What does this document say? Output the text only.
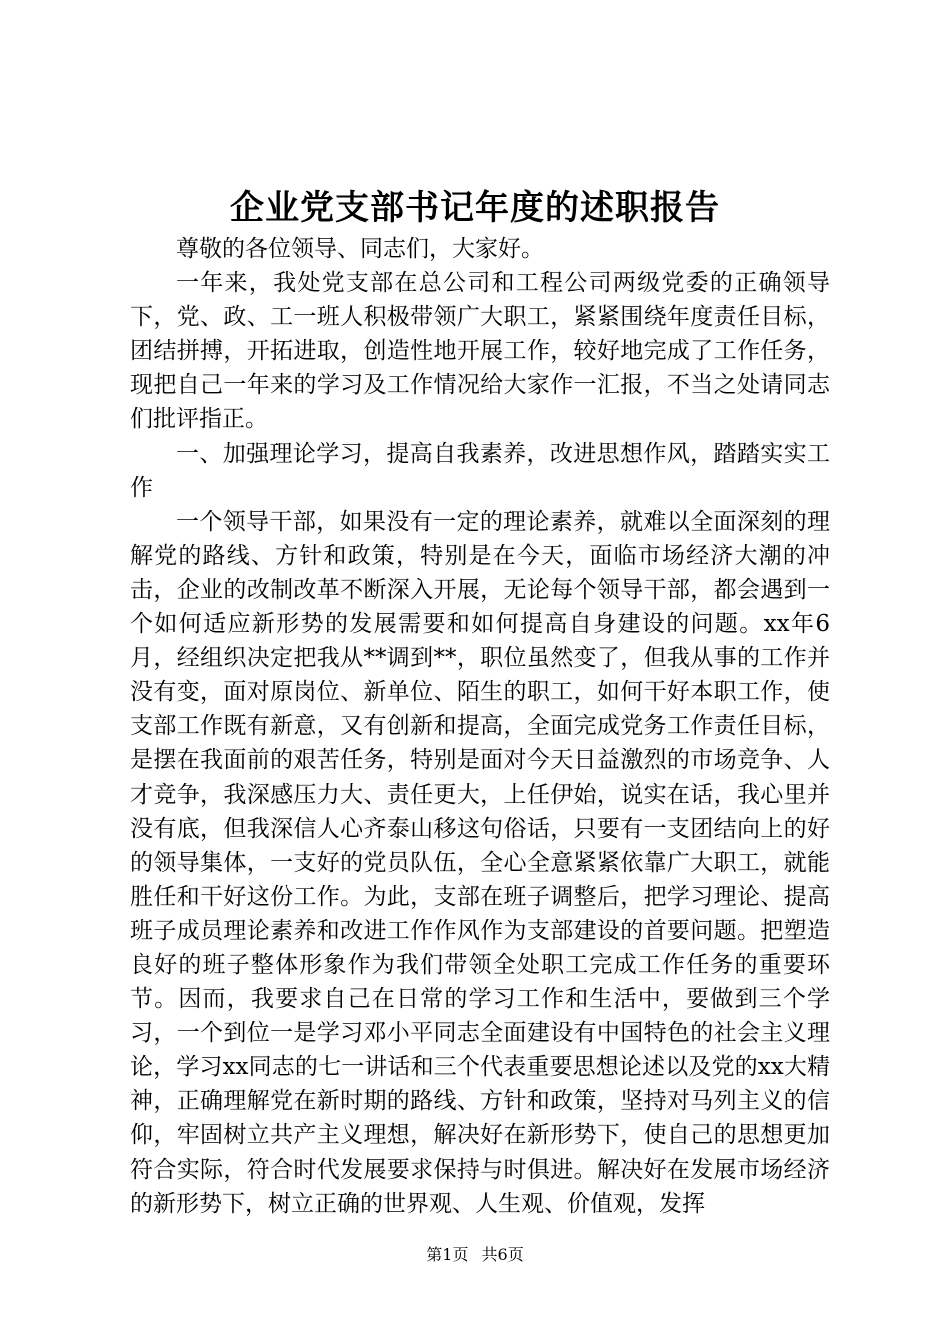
企业党支部书记年度的述职报告

尊敬的各位领导、同志们，大家好。

一年来，我处党支部在总公司和工程公司两级党委的正确领导下，党、政、工一班人积极带领广大职工，紧紧围绕年度责任目标，团结拼搏，开拓进取，创造性地开展工作，较好地完成了工作任务，现把自己一年来的学习及工作情况给大家作一汇报，不当之处请同志们批评指正。

一、加强理论学习，提高自我素养，改进思想作风，踏踏实实工作

一个领导干部，如果没有一定的理论素养，就难以全面深刻的理解党的路线、方针和政策，特别是在今天，面临市场经济大潮的冲击，企业的改制改革不断深入开展，无论每个领导干部，都会遇到一个如何适应新形势的发展需要和如何提高自身建设的问题。xx年6月，经组织决定把我从**调到**，职位虽然变了，但我从事的工作并没有变，面对原岗位、新单位、陌生的职工，如何干好本职工作，使支部工作既有新意，又有创新和提高，全面完成党务工作责任目标，是摆在我面前的艰苦任务，特别是面对今天日益激烈的市场竞争、人才竞争，我深感压力大、责任更大，上任伊始，说实在话，我心里并没有底，但我深信人心齐泰山移这句俗话，只要有一支团结向上的好的领导集体，一支好的党员队伍，全心全意紧紧依靠广大职工，就能胜任和干好这份工作。为此，支部在班子调整后，把学习理论、提高班子成员理论素养和改进工作作风作为支部建设的首要问题。把塑造良好的班子整体形象作为我们带领全处职工完成工作任务的重要环节。因而，我要求自己在日常的学习工作和生活中，要做到三个学习，一个到位一是学习邓小平同志全面建设有中国特色的社会主义理论，学习xx同志的七一讲话和三个代表重要思想论述以及党的xx大精神，正确理解党在新时期的路线、方针和政策，坚持对马列主义的信仰，牢固树立共产主义理想，解决好在新形势下，使自己的思想更加符合实际，符合时代发展要求保持与时俱进。解决好在发展市场经济的新形势下，树立正确的世界观、人生观、价值观，发挥

第1页 共6页
